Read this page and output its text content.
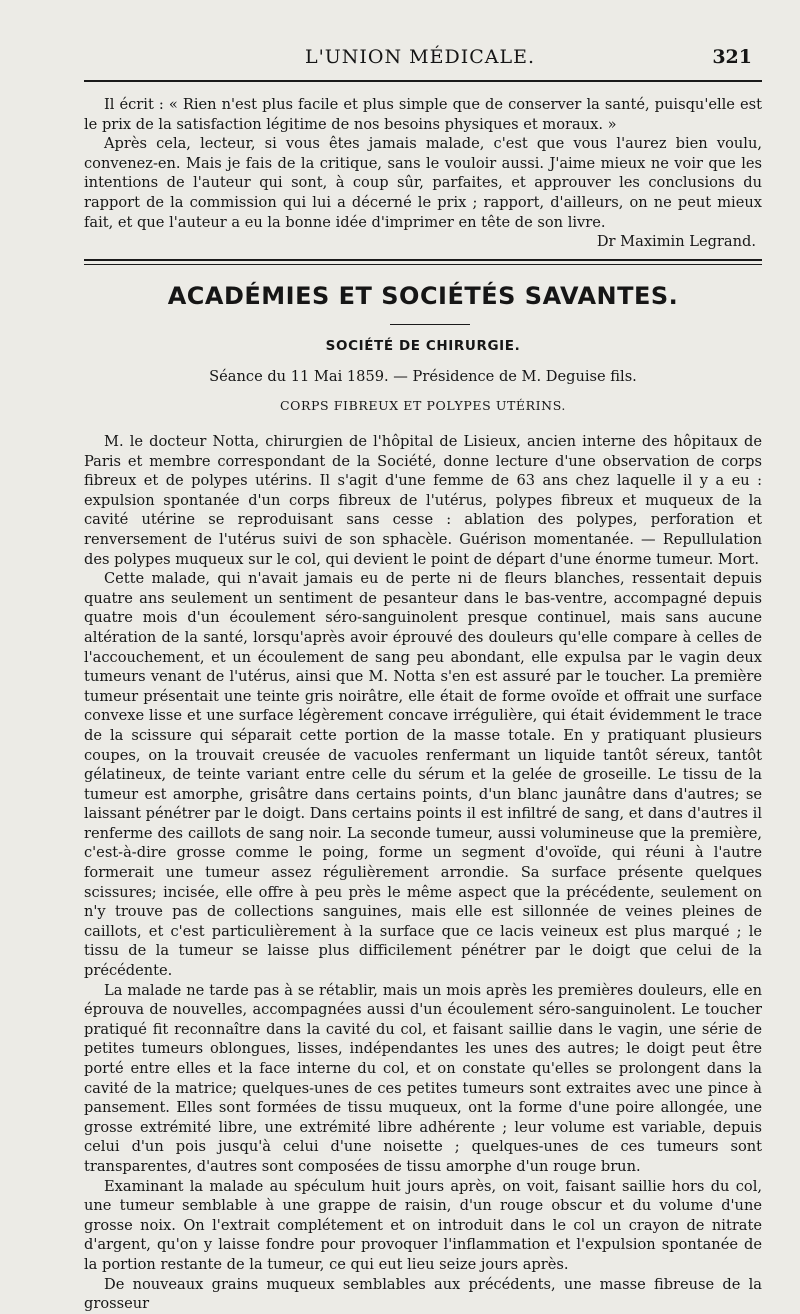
L'UNION MÉDICALE.	321

Il écrit : « Rien n'est plus facile et plus simple que de conserver la santé, puisqu'elle est le prix de la satisfaction légitime de nos besoins physiques et moraux. »

Après cela, lecteur, si vous êtes jamais malade, c'est que vous l'aurez bien voulu, convenez-en. Mais je fais de la critique, sans le vouloir aussi. J'aime mieux ne voir que les intentions de l'auteur qui sont, à coup sûr, parfaites, et approuver les conclusions du rapport de la commission qui lui a décerné le prix ; rapport, d'ailleurs, on ne peut mieux fait, et que l'auteur a eu la bonne idée d'imprimer en tête de son livre.

Dr Maximin Legrand.
ACADÉMIES ET SOCIÉTÉS SAVANTES.
SOCIÉTÉ DE CHIRURGIE.
Séance du 11 Mai 1859. — Présidence de M. Deguise fils.
CORPS FIBREUX ET POLYPES UTÉRINS.

M. le docteur Notta, chirurgien de l'hôpital de Lisieux, ancien interne des hôpitaux de Paris et membre correspondant de la Société, donne lecture d'une observation de corps fibreux et de polypes utérins. Il s'agit d'une femme de 63 ans chez laquelle il y a eu : expulsion spontanée d'un corps fibreux de l'utérus, polypes fibreux et muqueux de la cavité utérine se reproduisant sans cesse : ablation des polypes, perforation et renversement de l'utérus suivi de son sphacèle. Guérison momentanée. — Repullulation des polypes muqueux sur le col, qui devient le point de départ d'une énorme tumeur. Mort.

Cette malade, qui n'avait jamais eu de perte ni de fleurs blanches, ressentait depuis quatre ans seulement un sentiment de pesanteur dans le bas-ventre, accompagné depuis quatre mois d'un écoulement séro-sanguinolent presque continuel, mais sans aucune altération de la santé, lorsqu'après avoir éprouvé des douleurs qu'elle compare à celles de l'accouchement, et un écoulement de sang peu abondant, elle expulsa par le vagin deux tumeurs venant de l'utérus, ainsi que M. Notta s'en est assuré par le toucher. La première tumeur présentait une teinte gris noirâtre, elle était de forme ovoïde et offrait une surface convexe lisse et une surface légèrement concave irrégulière, qui était évidemment le trace de la scissure qui séparait cette portion de la masse totale. En y pratiquant plusieurs coupes, on la trouvait creusée de vacuoles renfermant un liquide tantôt séreux, tantôt gélatineux, de teinte variant entre celle du sérum et la gelée de groseille. Le tissu de la tumeur est amorphe, grisâtre dans certains points, d'un blanc jaunâtre dans d'autres; se laissant pénétrer par le doigt. Dans certains points il est infiltré de sang, et dans d'autres il renferme des caillots de sang noir. La seconde tumeur, aussi volumineuse que la première, c'est-à-dire grosse comme le poing, forme un segment d'ovoïde, qui réuni à l'autre formerait une tumeur assez régulièrement arrondie. Sa surface présente quelques scissures; incisée, elle offre à peu près le même aspect que la précédente, seulement on n'y trouve pas de collections sanguines, mais elle est sillonnée de veines pleines de caillots, et c'est particulièrement à la surface que ce lacis veineux est plus marqué ; le tissu de la tumeur se laisse plus difficilement pénétrer par le doigt que celui de la précédente.

La malade ne tarde pas à se rétablir, mais un mois après les premières douleurs, elle en éprouva de nouvelles, accompagnées aussi d'un écoulement séro-sanguinolent. Le toucher pratiqué fit reconnaître dans la cavité du col, et faisant saillie dans le vagin, une série de petites tumeurs oblongues, lisses, indépendantes les unes des autres; le doigt peut être porté entre elles et la face interne du col, et on constate qu'elles se prolongent dans la cavité de la matrice; quelques-unes de ces petites tumeurs sont extraites avec une pince à pansement. Elles sont formées de tissu muqueux, ont la forme d'une poire allongée, une grosse extrémité libre, une extrémité libre adhérente ; leur volume est variable, depuis celui d'un pois jusqu'à celui d'une noisette ; quelques-unes de ces tumeurs sont transparentes, d'autres sont composées de tissu amorphe d'un rouge brun.

Examinant la malade au spéculum huit jours après, on voit, faisant saillie hors du col, une tumeur semblable à une grappe de raisin, d'un rouge obscur et du volume d'une grosse noix. On l'extrait complétement et on introduit dans le col un crayon de nitrate d'argent, qu'on y laisse fondre pour provoquer l'inflammation et l'expulsion spontanée de la portion restante de la tumeur, ce qui eut lieu seize jours après.

De nouveaux grains muqueux semblables aux précédents, une masse fibreuse de la grosseur
